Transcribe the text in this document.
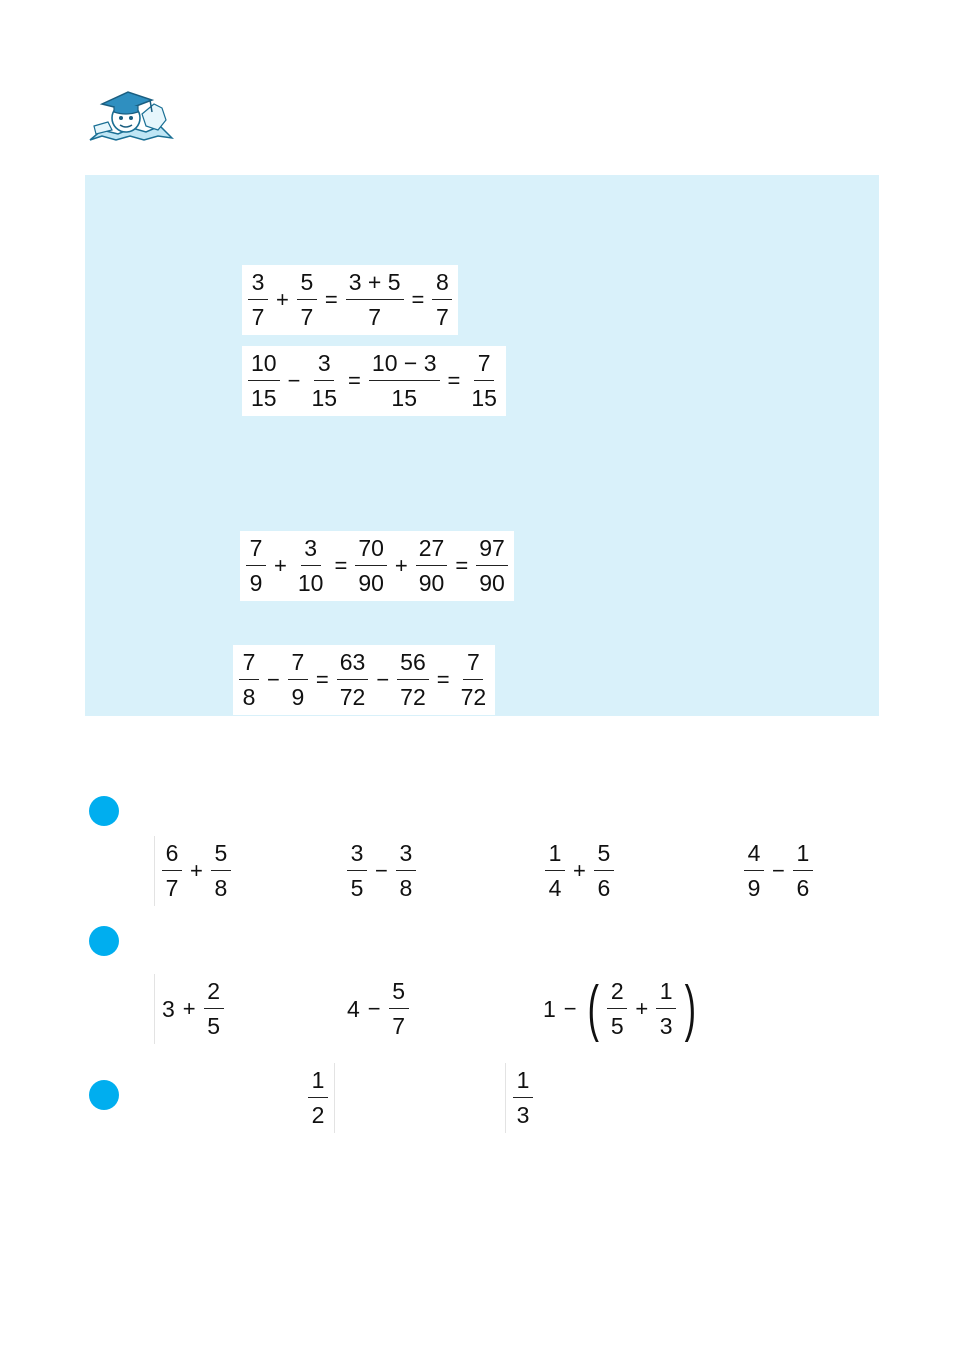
$\frac{3}{7} + \frac{5}{7} = \frac{3 + 5}{7} = \frac{8}{7}$
$\frac{10}{15} - \frac{3}{15} = \frac{10 - 3}{15} = \frac{7}{15}$
$\frac{7}{9} + \frac{3}{10} = \frac{70}{90} + \frac{27}{90} = \frac{97}{90}$
$\frac{7}{8} - \frac{7}{9} = \frac{63}{72} - \frac{56}{72} = \frac{7}{72}$
$\frac{6}{7} + \frac{5}{8}$	$\frac{3}{5} - \frac{3}{8}$	$\frac{1}{4} + \frac{5}{6}$	$\frac{4}{9} - \frac{1}{6}$
$3 + \frac{2}{5}$	$4 - \frac{5}{7}$	1 − ( $\frac{2}{5} + \frac{1}{3}$ )
$\frac{1}{2}$	$\frac{1}{3}$
